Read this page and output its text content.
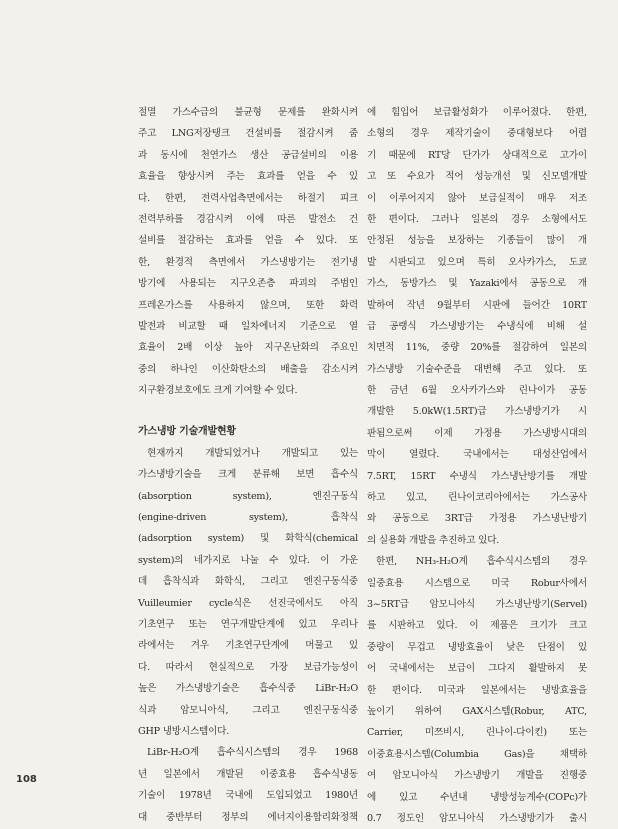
절멸 가스수급의 불균형 문제를 완화시켜
주고 LNG저장탱크 건설비를 절감시켜 줌
과 동시에 천연가스 생산 공급설비의 이용
효율을 향상시켜 주는 효과를 얻을 수 있
다. 한편, 전력사업측면에서는 하절기 피크
전력부하를 경감시켜 이에 따른 발전소 건
설비를 절감하는 효과를 얻을 수 있다. 또
한, 환경적 측면에서 가스냉방기는 전기냉
방기에 사용되는 지구오존층 파괴의 주범인
프레온가스를 사용하지 않으며, 또한 화력
발전과 비교할 때 일차에너지 기준으로 열
효율이 2배 이상 높아 지구온난화의 주요인
중의 하나인 이산화탄소의 배출을 감소시켜
지구환경보호에도 크게 기여할 수 있다.
가스냉방 기술개발현황
현재까지 개발되었거나 개발되고 있는
가스냉방기술을 크게 분류해 보면 흡수식
(absorption system), 엔진구동식
(engine-driven system), 흡착식
(adsorption system) 및 화학식(chemical
system)의 네가지로 나눌 수 있다. 이 가운
데 흡착식과 화학식, 그리고 엔진구동식중
Vuilleumier cycle식은 선진국에서도 아직
기초연구 또는 연구개발단계에 있고 우리나
라에서는 겨우 기초연구단계에 머물고 있
다. 따라서 현실적으로 가장 보급가능성이
높은 가스냉방기술은 흡수식중 LiBr-H₂O
식과 암모니아식, 그리고 엔진구동식중
GHP 냉방시스템이다.
LiBr-H₂O계 흡수식시스템의 경우 1968
년 일본에서 개발된 이중효용 흡수식냉동
기술이 1978년 국내에 도입되었고 1980년
대 중반부터 정부의 에너지이용합리화정책
에 힘입어 보급활성화가 이루어졌다. 한편,
소형의 경우 제작기술이 중대형보다 어렵
기 때문에 RT당 단가가 상대적으로 고가이
고 또 수요가 적어 성능개선 및 신모델개발
이 이루어지지 않아 보급실적이 매우 저조
한 편이다. 그러나 일본의 경우 소형에서도
안정된 성능을 보장하는 기종들이 많이 개
발 시판되고 있으며 특히 오사카가스, 도쿄
가스, 동방가스 및 Yazaki에서 공동으로 개
발하여 작년 9월부터 시판에 들어간 10RT
급 공랭식 가스냉방기는 수냉식에 비해 설
치면적 11%, 중량 20%를 절감하여 일본의
가스냉방 기술수준을 대변해 주고 있다. 또
한 금년 6월 오사카가스와 린나이가 공동
개발한 5.0kW(1.5RT)급 가스냉방기가 시
판됨으로써 이제 가정용 가스냉방시대의
막이 열렸다. 국내에서는 대성산업에서
7.5RT, 15RT 수냉식 가스냉난방기를 개발
하고 있고, 린나이코리아에서는 가스공사
와 공동으로 3RT급 가정용 가스냉난방기
의 실용화 개발을 추진하고 있다.
한편, NH₃-H₂O계 흡수식시스템의 경우
일중효용 시스템으로 미국 Robur사에서
3~5RT급 암모니아식 가스냉난방기(Servel)
를 시판하고 있다. 이 제품은 크기가 크고
중량이 무겁고 냉방효율이 낮은 단점이 있
어 국내에서는 보급이 그다지 활발하지 못
한 편이다. 미국과 일본에서는 냉방효율을
높이기 위하여 GAX시스템(Robur, ATC,
Carrier, 미쯔비시, 린나이-다이킨) 또는
이중효용시스템(Columbia Gas)을 채택하
여 암모니아식 가스냉방기 개발을 진행중
에 있고 수년내 냉방성능계수(COPc)가
0.7 정도인 암모니아식 가스냉방기가 출시
108
